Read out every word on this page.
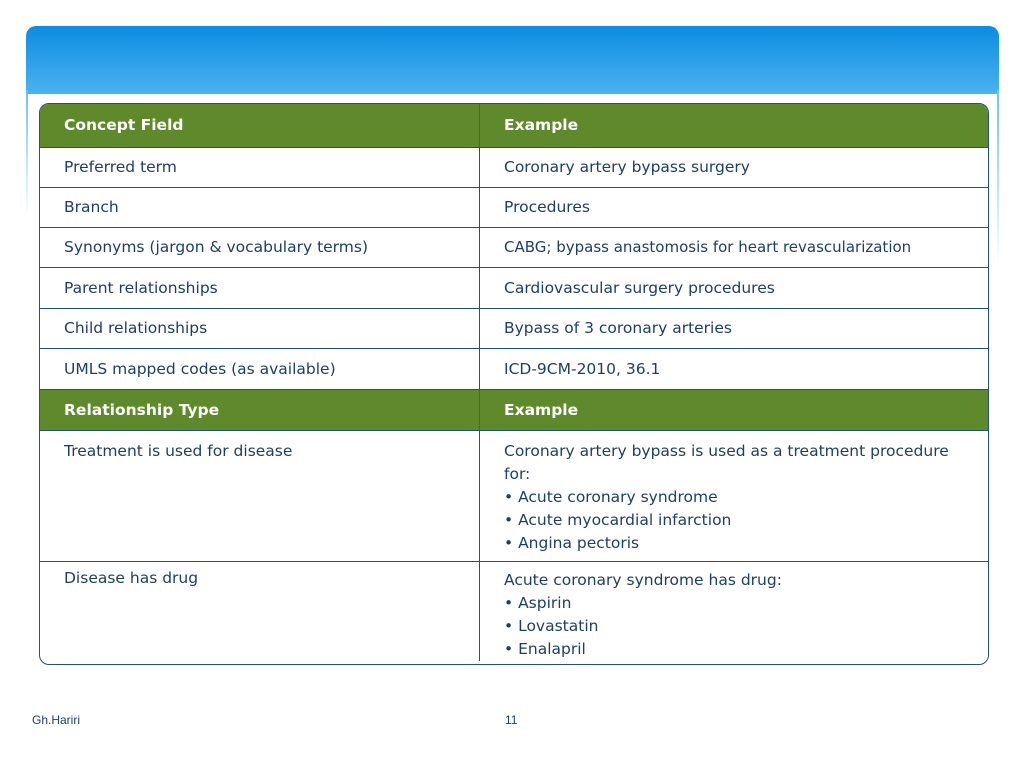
Concept Field	Example
Preferred term	Coronary artery bypass surgery
Branch	Procedures
Synonyms (jargon & vocabulary terms)	CABG; bypass anastomosis for heart revascularization
Parent relationships	Cardiovascular surgery procedures
Child relationships	Bypass of 3 coronary arteries
UMLS mapped codes (as available)	ICD-9CM-2010, 36.1
Relationship Type	Example
Treatment is used for disease	Coronary artery bypass is used as a treatment procedure for:
• Acute coronary syndrome
• Acute myocardial infarction
• Angina pectoris
Disease has drug	Acute coronary syndrome has drug:
• Aspirin
• Lovastatin
• Enalapril
Gh.Hariri	11
